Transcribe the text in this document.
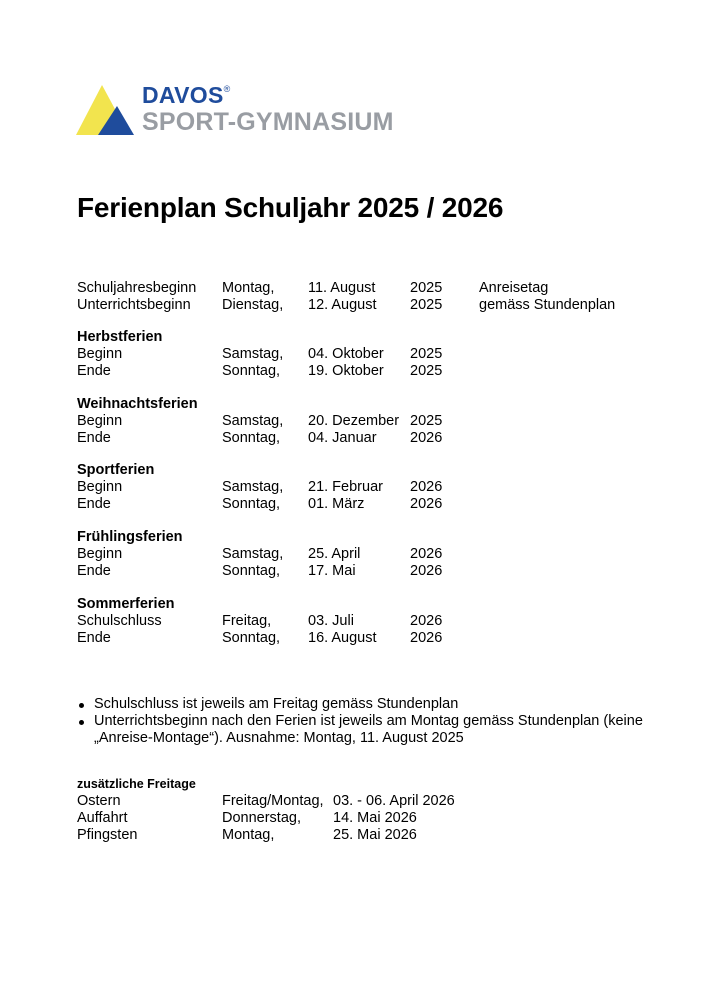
DAVOS®
SPORT-GYMNASIUM
Ferienplan Schuljahr 2025 / 2026
Schuljahresbeginn Montag, 11. August 2025	Anreisetag
Unterrichtsbeginn Dienstag, 12. August 2025	gemäss Stundenplan
Herbstferien
Beginn	Samstag, 04. Oktober 2025
Ende	Sonntag, 19. Oktober 2025
Weihnachtsferien
Beginn	Samstag, 20. Dezember 2025
Ende	Sonntag, 04. Januar 2026
Sportferien
Beginn	Samstag, 21. Februar 2026
Ende	Sonntag, 01. März	2026
Frühlingsferien
Beginn	Samstag, 25. April	2026
Ende	Sonntag, 17. Mai	2026
Sommerferien
Schulschluss	Freitag,	03. Juli	2026
Ende	Sonntag, 16. August 2026
Schulschluss ist jeweils am Freitag gemäss Stundenplan
Unterrichtsbeginn nach den Ferien ist jeweils am Montag gemäss Stundenplan (keine „Anreise-Montage“). Ausnahme: Montag, 11. August 2025
zusätzliche Freitage
Ostern	Freitag/Montag, 03. - 06. April 2026
Auffahrt	Donnerstag, 14. Mai 2026
Pfingsten	Montag,	25. Mai 2026
